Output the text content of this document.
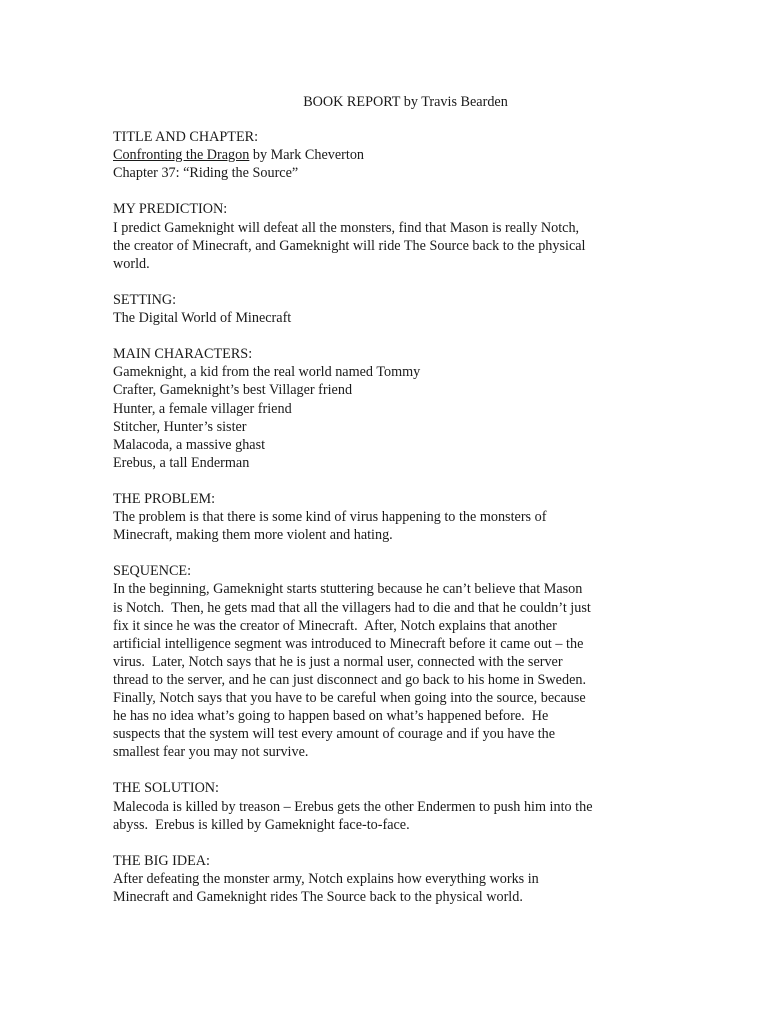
BOOK REPORT by Travis Bearden
TITLE AND CHAPTER:
Confronting the Dragon by Mark Cheverton
Chapter 37: “Riding the Source”
MY PREDICTION:
I predict Gameknight will defeat all the monsters, find that Mason is really Notch,
the creator of Minecraft, and Gameknight will ride The Source back to the physical
world.
SETTING:
The Digital World of Minecraft
MAIN CHARACTERS:
Gameknight, a kid from the real world named Tommy
Crafter, Gameknight’s best Villager friend
Hunter, a female villager friend
Stitcher, Hunter’s sister
Malacoda, a massive ghast
Erebus, a tall Enderman
THE PROBLEM:
The problem is that there is some kind of virus happening to the monsters of
Minecraft, making them more violent and hating.
SEQUENCE:
In the beginning, Gameknight starts stuttering because he can’t believe that Mason
is Notch.  Then, he gets mad that all the villagers had to die and that he couldn’t just
fix it since he was the creator of Minecraft.  After, Notch explains that another
artificial intelligence segment was introduced to Minecraft before it came out – the
virus.  Later, Notch says that he is just a normal user, connected with the server
thread to the server, and he can just disconnect and go back to his home in Sweden.
Finally, Notch says that you have to be careful when going into the source, because
he has no idea what’s going to happen based on what’s happened before.  He
suspects that the system will test every amount of courage and if you have the
smallest fear you may not survive.
THE SOLUTION:
Malecoda is killed by treason – Erebus gets the other Endermen to push him into the
abyss.  Erebus is killed by Gameknight face-to-face.
THE BIG IDEA:
After defeating the monster army, Notch explains how everything works in
Minecraft and Gameknight rides The Source back to the physical world.
